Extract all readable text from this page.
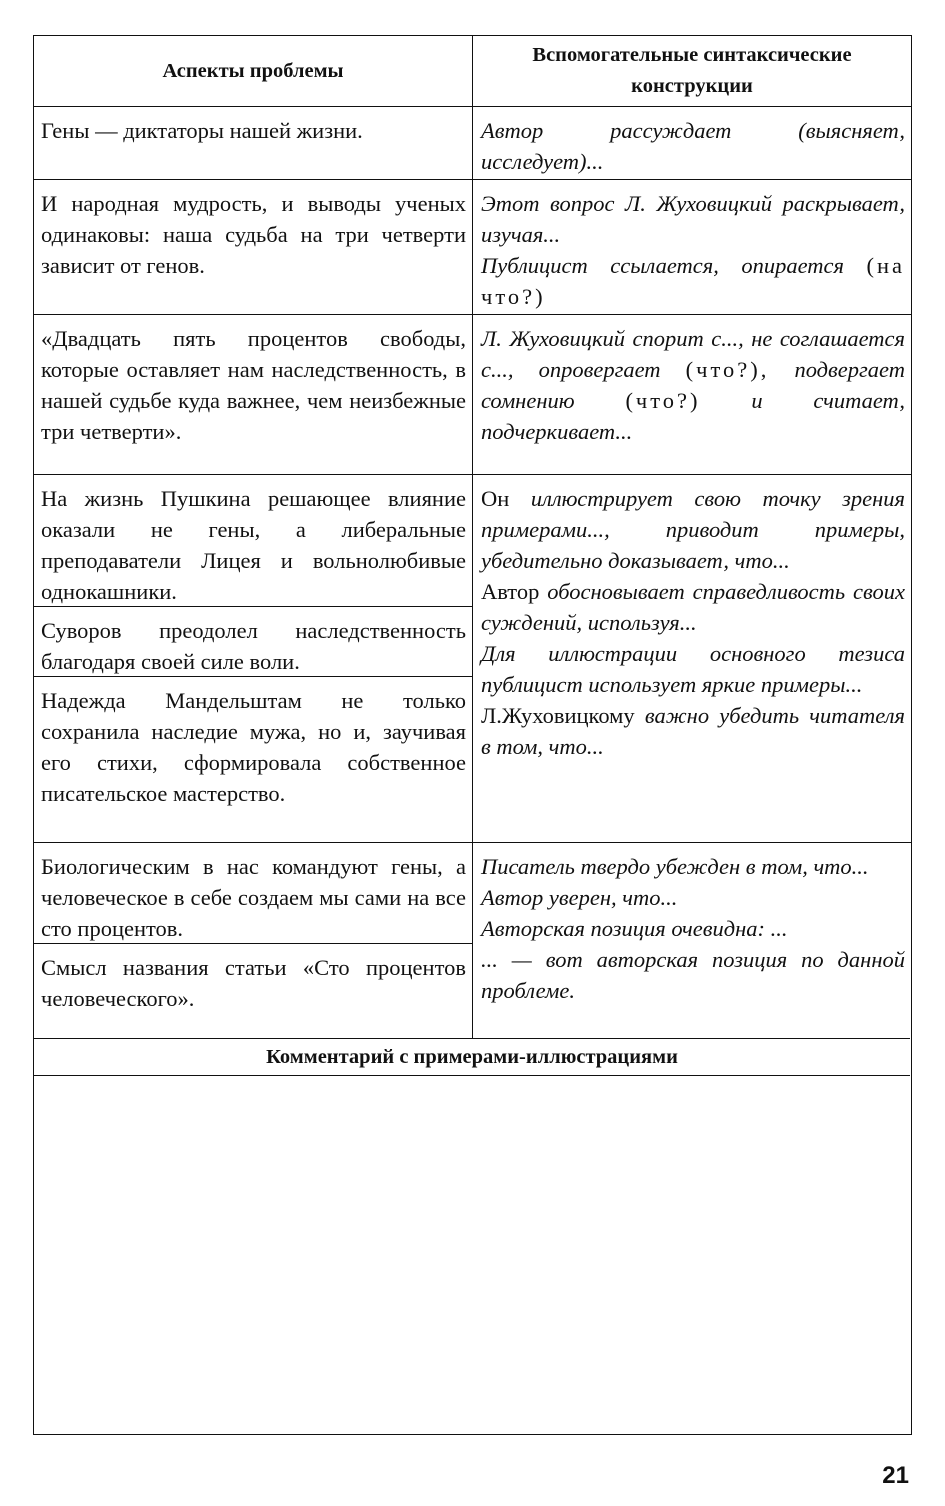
Аспекты проблемы
Вспомогательные синтаксические конструкции
Гены — диктаторы нашей жизни.
И народная мудрость, и выводы ученых одинаковы: наша судьба на три четверти зависит от генов.
«Двадцать пять процентов свободы, которые оставляет нам наследственность, в нашей судьбе куда важнее, чем неизбежные три четверти».
На жизнь Пушкина решающее влияние оказали не гены, а либеральные преподаватели Лицея и вольнолюбивые однокашники.
Суворов преодолел наследственность благодаря своей силе воли.
Надежда Мандельштам не только сохранила наследие мужа, но и, заучивая его стихи, сформировала собственное писательское мастерство.
Биологическим в нас командуют гены, а человеческое в себе создаем мы сами на все сто процентов.
Смысл названия статьи «Сто процентов человеческого».
Автор рассуждает (выясняет, исследует)...
Этот вопрос Л. Жуховицкий раскрывает, изучая...
Публицист ссылается, опирается (на что?)
Л. Жуховицкий спорит с..., не соглашается с..., опровергает (что?), подвергает сомнению (что?) и считает, подчеркивает...
Он иллюстрирует свою точку зрения примерами..., приводит примеры, убедительно доказывает, что...
Автор обосновывает справедливость своих суждений, используя...
Для иллюстрации основного тезиса публицист использует яркие примеры...
Л.Жуховицкому важно убедить читателя в том, что...
Писатель твердо убежден в том, что...
Автор уверен, что...
Авторская позиция очевидна: ...
... — вот авторская позиция по данной проблеме.
Комментарий с примерами-иллюстрациями
21
